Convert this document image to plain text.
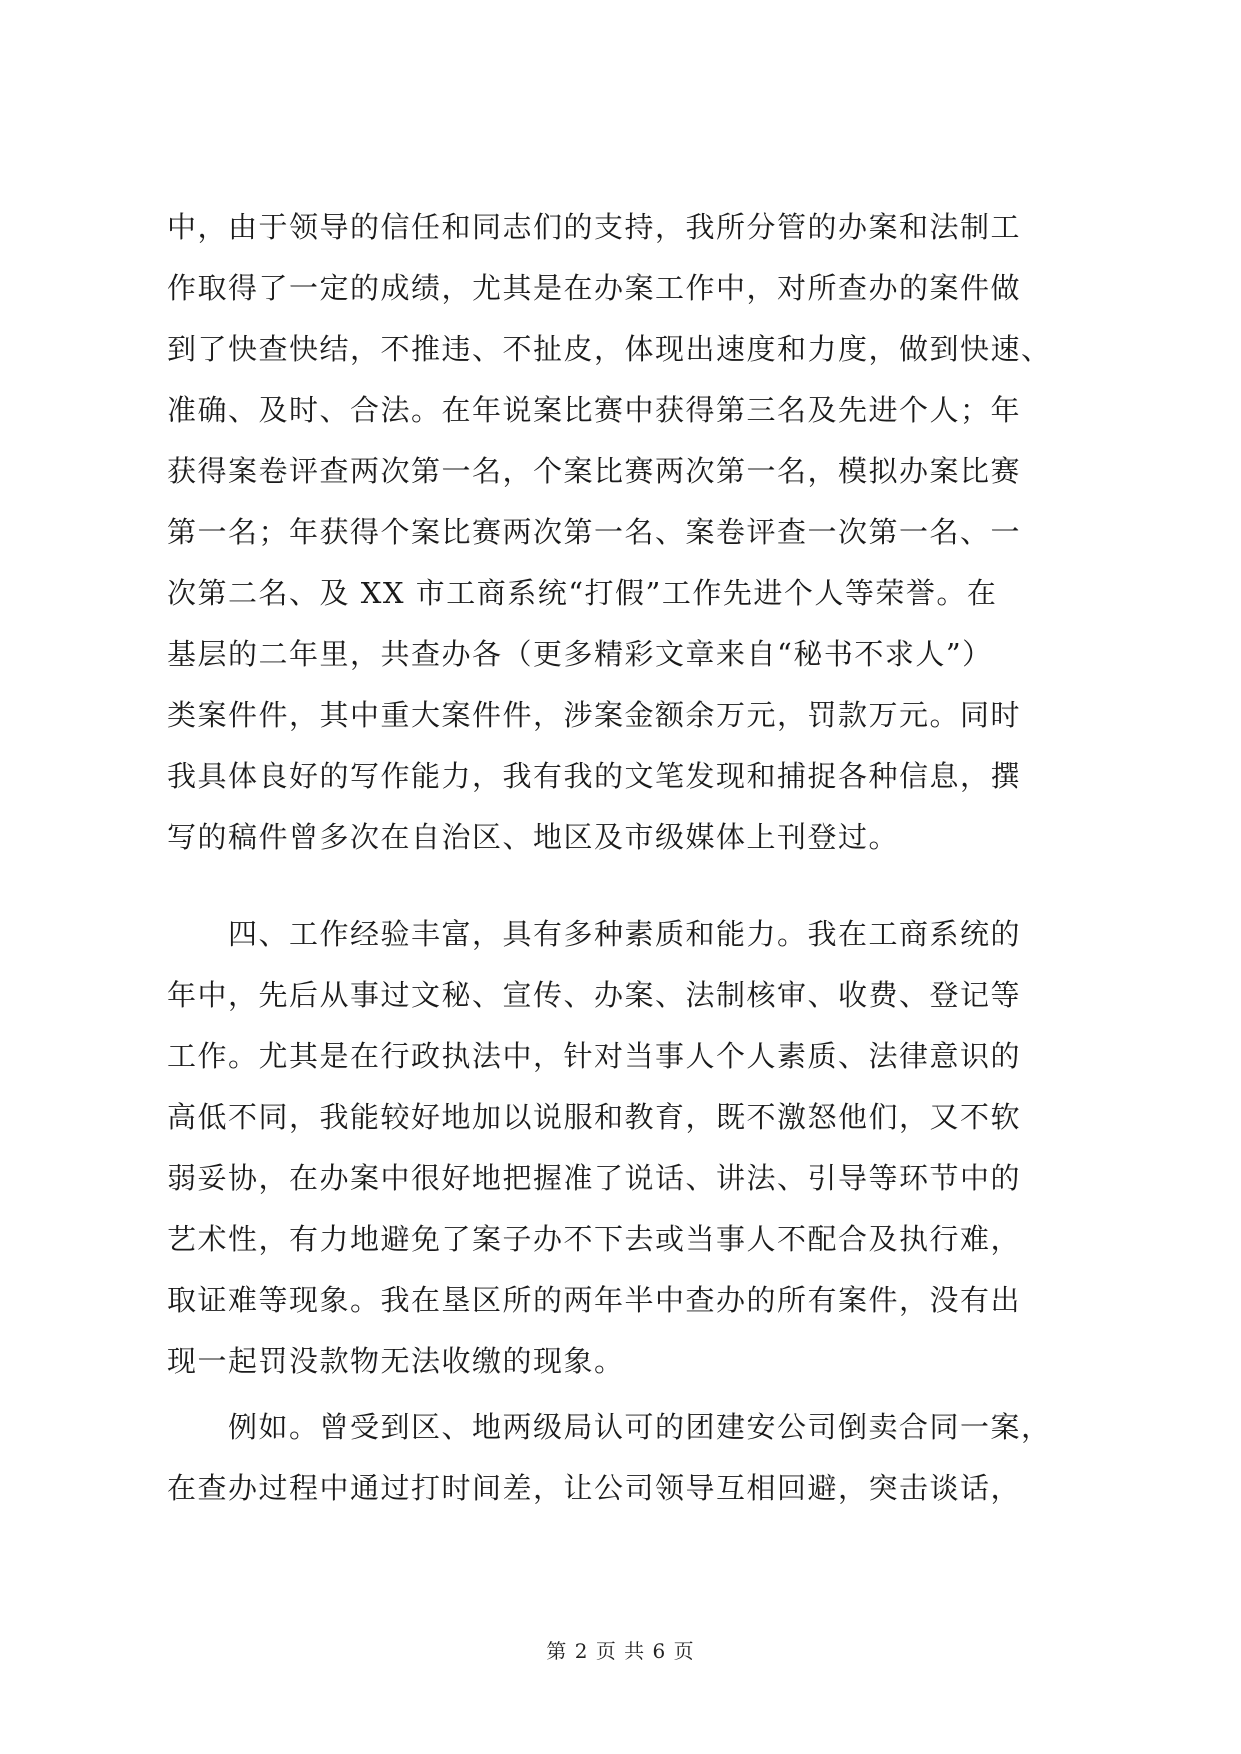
中，由于领导的信任和同志们的支持，我所分管的办案和法制工
作取得了一定的成绩，尤其是在办案工作中，对所查办的案件做
到了快查快结，不推违、不扯皮，体现出速度和力度，做到快速、
准确、及时、合法。在年说案比赛中获得第三名及先进个人；年
获得案卷评查两次第一名，个案比赛两次第一名，模拟办案比赛
第一名；年获得个案比赛两次第一名、案卷评查一次第一名、一
次第二名、及 XX 市工商系统“打假”工作先进个人等荣誉。在
基层的二年里，共查办各（更多精彩文章来自“秘书不求人”）
类案件件，其中重大案件件，涉案金额余万元，罚款万元。同时
我具体良好的写作能力，我有我的文笔发现和捕捉各种信息，撰
写的稿件曾多次在自治区、地区及市级媒体上刊登过。
　　四、工作经验丰富，具有多种素质和能力。我在工商系统的
年中，先后从事过文秘、宣传、办案、法制核审、收费、登记等
工作。尤其是在行政执法中，针对当事人个人素质、法律意识的
高低不同，我能较好地加以说服和教育，既不激怒他们，又不软
弱妥协，在办案中很好地把握准了说话、讲法、引导等环节中的
艺术性，有力地避免了案子办不下去或当事人不配合及执行难，
取证难等现象。我在垦区所的两年半中查办的所有案件，没有出
现一起罚没款物无法收缴的现象。
　　例如。曾受到区、地两级局认可的团建安公司倒卖合同一案，
在查办过程中通过打时间差，让公司领导互相回避，突击谈话，
第 2 页 共 6 页
